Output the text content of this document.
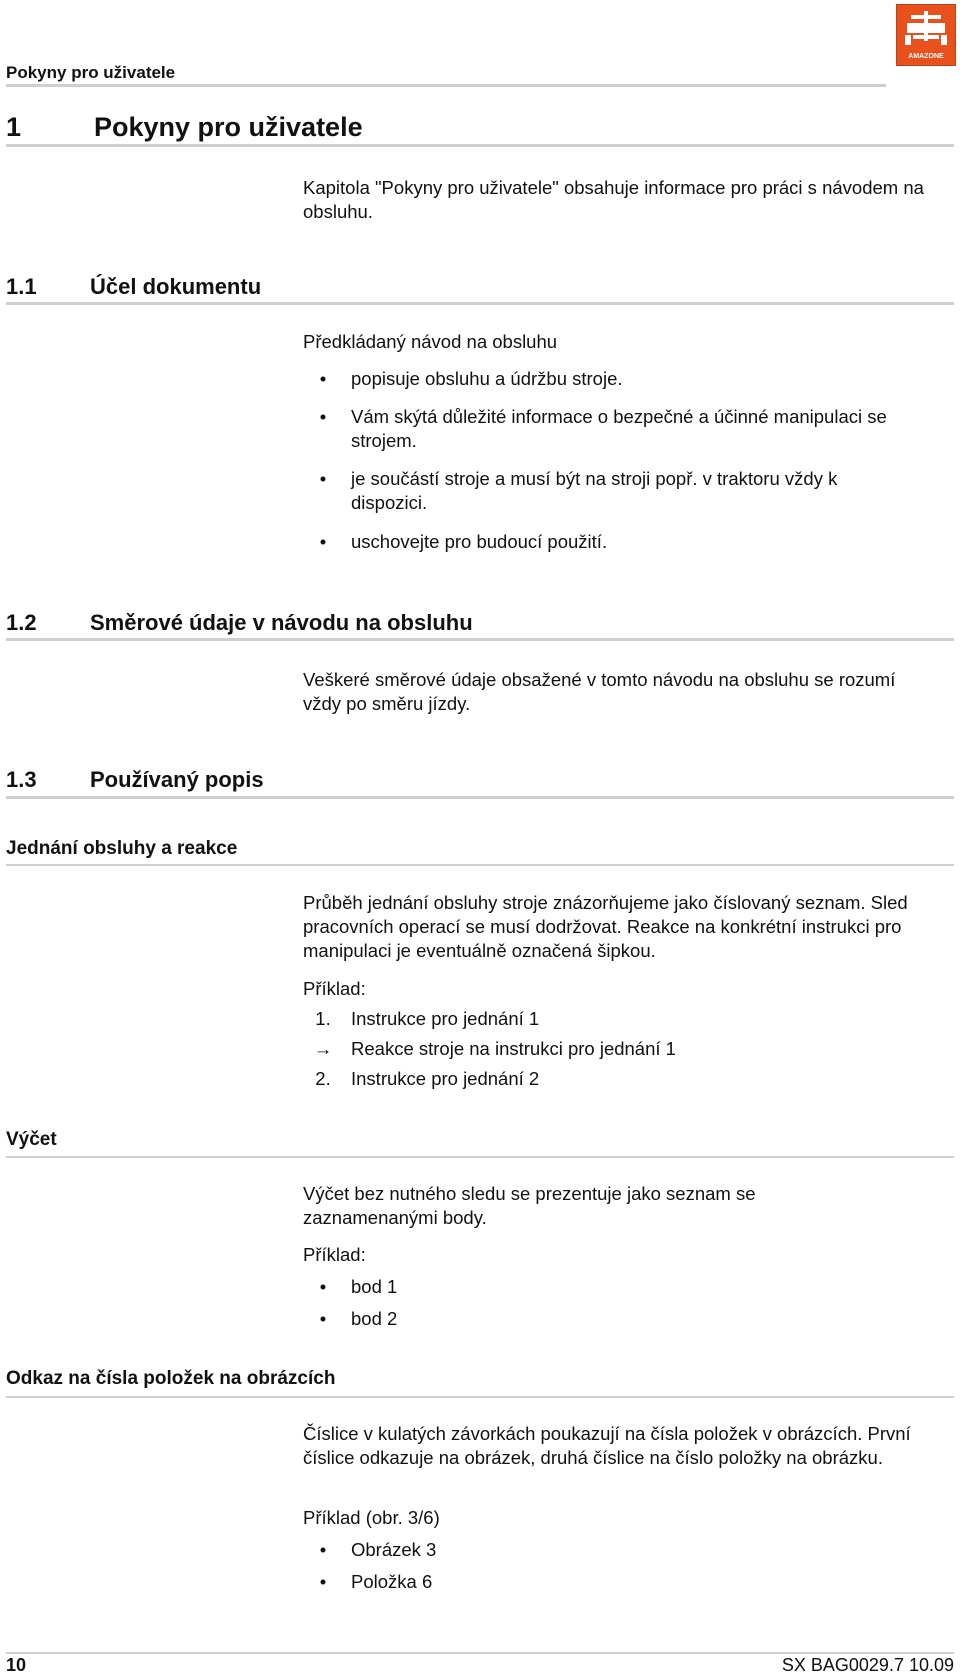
AMAZONE
Pokyny pro uživatele
1	Pokyny pro uživatele
Kapitola "Pokyny pro uživatele" obsahuje informace pro práci s návodem na obsluhu.
1.1 Účel dokumentu
Předkládaný návod na obsluhu
•	popisuje obsluhu a údržbu stroje.
•	Vám skýtá důležité informace o bezpečné a účinné manipulaci se strojem.
•	je součástí stroje a musí být na stroji popř. v traktoru vždy k dispozici.
•	uschovejte pro budoucí použití.
1.2 Směrové údaje v návodu na obsluhu
Veškeré směrové údaje obsažené v tomto návodu na obsluhu se rozumí vždy po směru jízdy.
1.3 Používaný popis
Jednání obsluhy a reakce
Průběh jednání obsluhy stroje znázorňujeme jako číslovaný seznam. Sled pracovních operací se musí dodržovat. Reakce na konkrétní instrukci pro manipulaci je eventuálně označená šipkou.
Příklad:
1.	Instrukce pro jednání 1
→	Reakce stroje na instrukci pro jednání 1
2.	Instrukce pro jednání 2
Výčet
Výčet bez nutného sledu se prezentuje jako seznam se zaznamenanými body.
Příklad:
•	bod 1
•	bod 2
Odkaz na čísla položek na obrázcích
Číslice v kulatých závorkách poukazují na čísla položek v obrázcích. První číslice odkazuje na obrázek, druhá číslice na číslo položky na obrázku.
Příklad (obr. 3/6)
•	Obrázek 3
•	Položka 6
10	SX BAG0029.7 10.09
